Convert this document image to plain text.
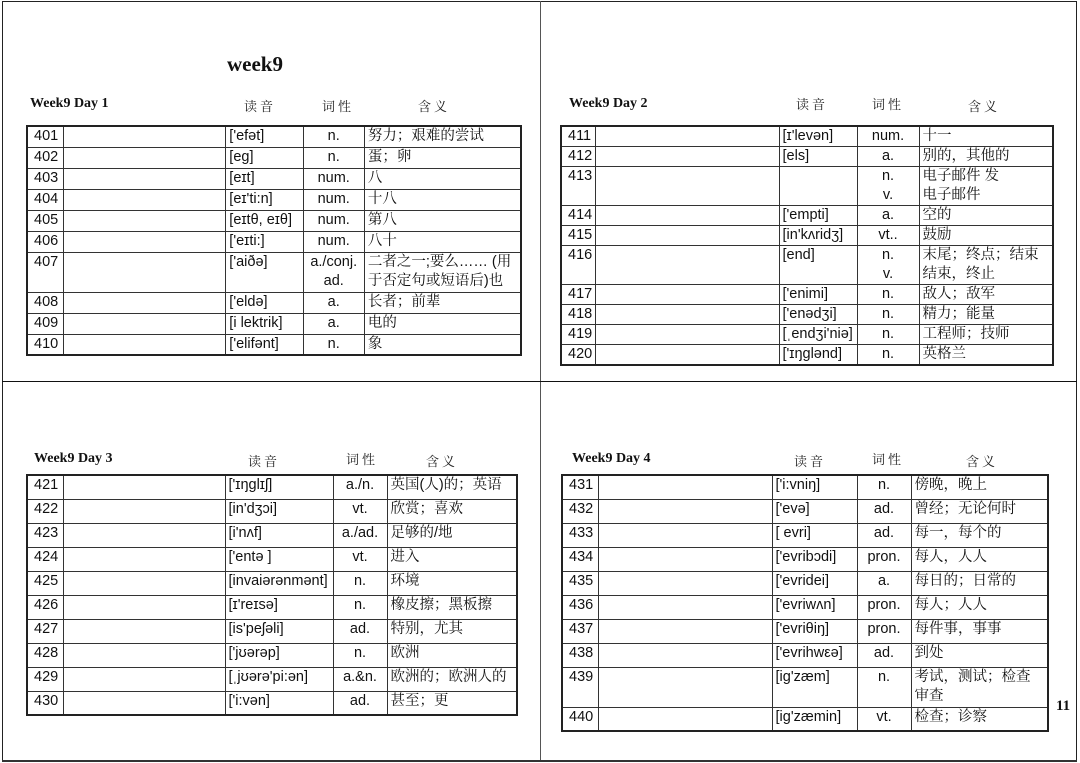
week9
11
Week9 Day 1	读音	词性	含义
401		['efət]	n.	努力；艰难的尝试

402		[eg]	n.	蛋；卵

403		[eɪt]	num.	八

404		[eɪ'ti:n]	num.	十八

405		[eɪtθ, eɪθ]	num.	第八

406		['eɪti:]	num.	八十

407		['aiðə]	a./conj.
ad.	二者之一;要么…… (用
于否定句或短语后)也

408		['eldə]	a.	长者；前辈

409		[i lektrik]	a.	电的

410		['elifənt]	n.	象
Week9 Day 2	读音	词性	含义
411		[ɪ'levən]	num.	十一

412		[els]	a.	别的，其他的

413			n.
v.	电子邮件 发
电子邮件

414		['empti]	a.	空的

415		[in'kʌridʒ]	vt..	鼓励

416		[end]	n.
v.	末尾；终点；结束
结束，终止

417		['enimi]	n.	敌人；敌军

418		['enədʒi]	n.	精力；能量

419		[ˌendʒi'niə]	n.	工程师；技师

420		['ɪŋglənd]	n.	英格兰
Week9 Day 3	读音	词性	含义
421		['ɪŋglɪʃ]	a./n.	英国(人)的；英语

422		[in'dʒɔi]	vt.	欣赏；喜欢

423		[i'nʌf]	a./ad.	足够的/地

424		['entə ]	vt.	进入

425		[invaiərənmənt]	n.	环境

426		[ɪ'reɪsə]	n.	橡皮擦；黑板擦

427		[is'peʃəli]	ad.	特别，尤其

428		['jʊərəp]	n.	欧洲

429		[ˌjʊərə'pi:ən]	a.&n.	欧洲的；欧洲人的

430		['i:vən]	ad.	甚至；更
Week9 Day 4	读音	词性	含义
431		['i:vniŋ]	n.	傍晚，晚上

432		['evə]	ad.	曾经；无论何时

433		[ evri]	ad.	每一，每个的

434		['evribɔdi]	pron.	每人，人人

435		['evridei]	a.	每日的；日常的

436		['evriwʌn]	pron.	每人；人人

437		['evriθiŋ]	pron.	每件事，事事

438		['evrihwεə]	ad.	到处

439		[ig'zæm]	n.	考试，测试；检查
审查

440		[ig'zæmin]	vt.	检查；诊察
